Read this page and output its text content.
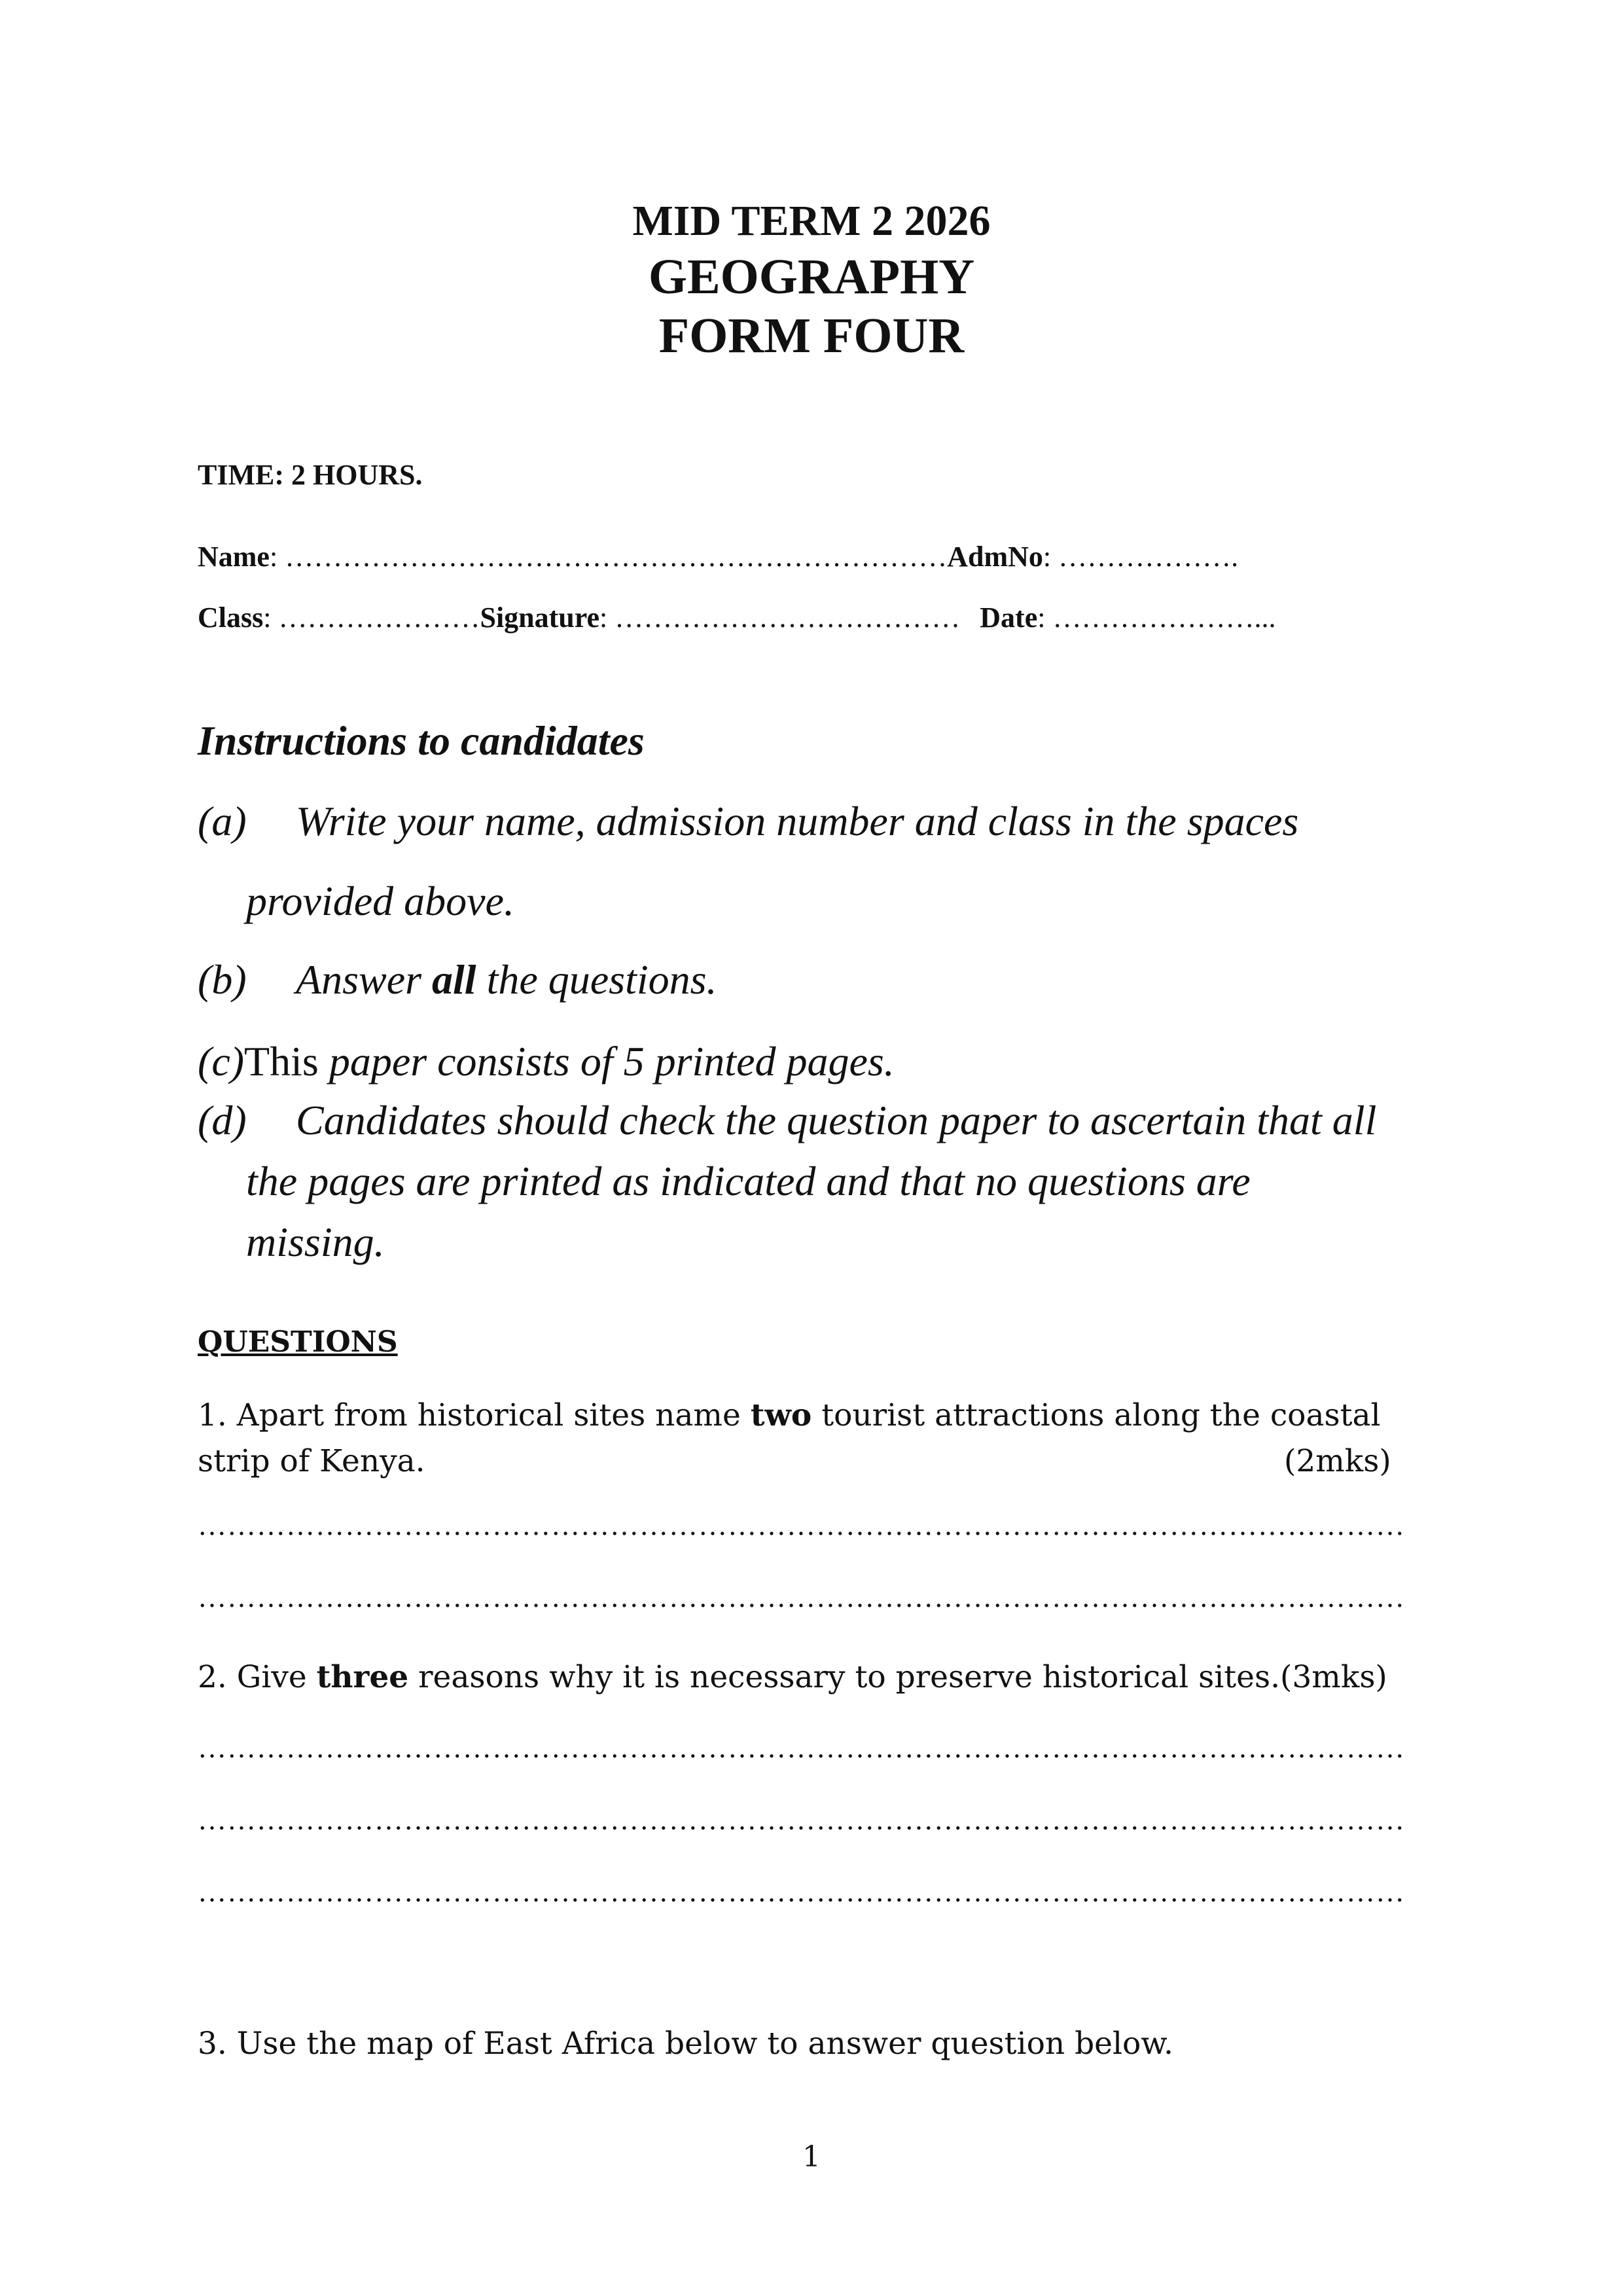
MID TERM 2 2026
GEOGRAPHY
FORM FOUR
TIME: 2 HOURS.
Name: ……………………………………………………………AdmNo: ……………….
Class: …………………Signature: ……………………………… Date: …………………...
Instructions to candidates
(a) Write your name, admission number and class in the spaces
provided above.
(b) Answer all the questions.
(c)This paper consists of 5 printed pages.
(d) Candidates should check the question paper to ascertain that all
the pages are printed as indicated and that no questions are
missing.
QUESTIONS
1. Apart from historical sites name two tourist attractions along the coastal
strip of Kenya.	(2mks)
……………………………………………………………………………………………………………
……………………………………………………………………………………………………………
2. Give three reasons why it is necessary to preserve historical sites.(3mks)
……………………………………………………………………………………………………………
……………………………………………………………………………………………………………
……………………………………………………………………………………………………………
3. Use the map of East Africa below to answer question below.
1
